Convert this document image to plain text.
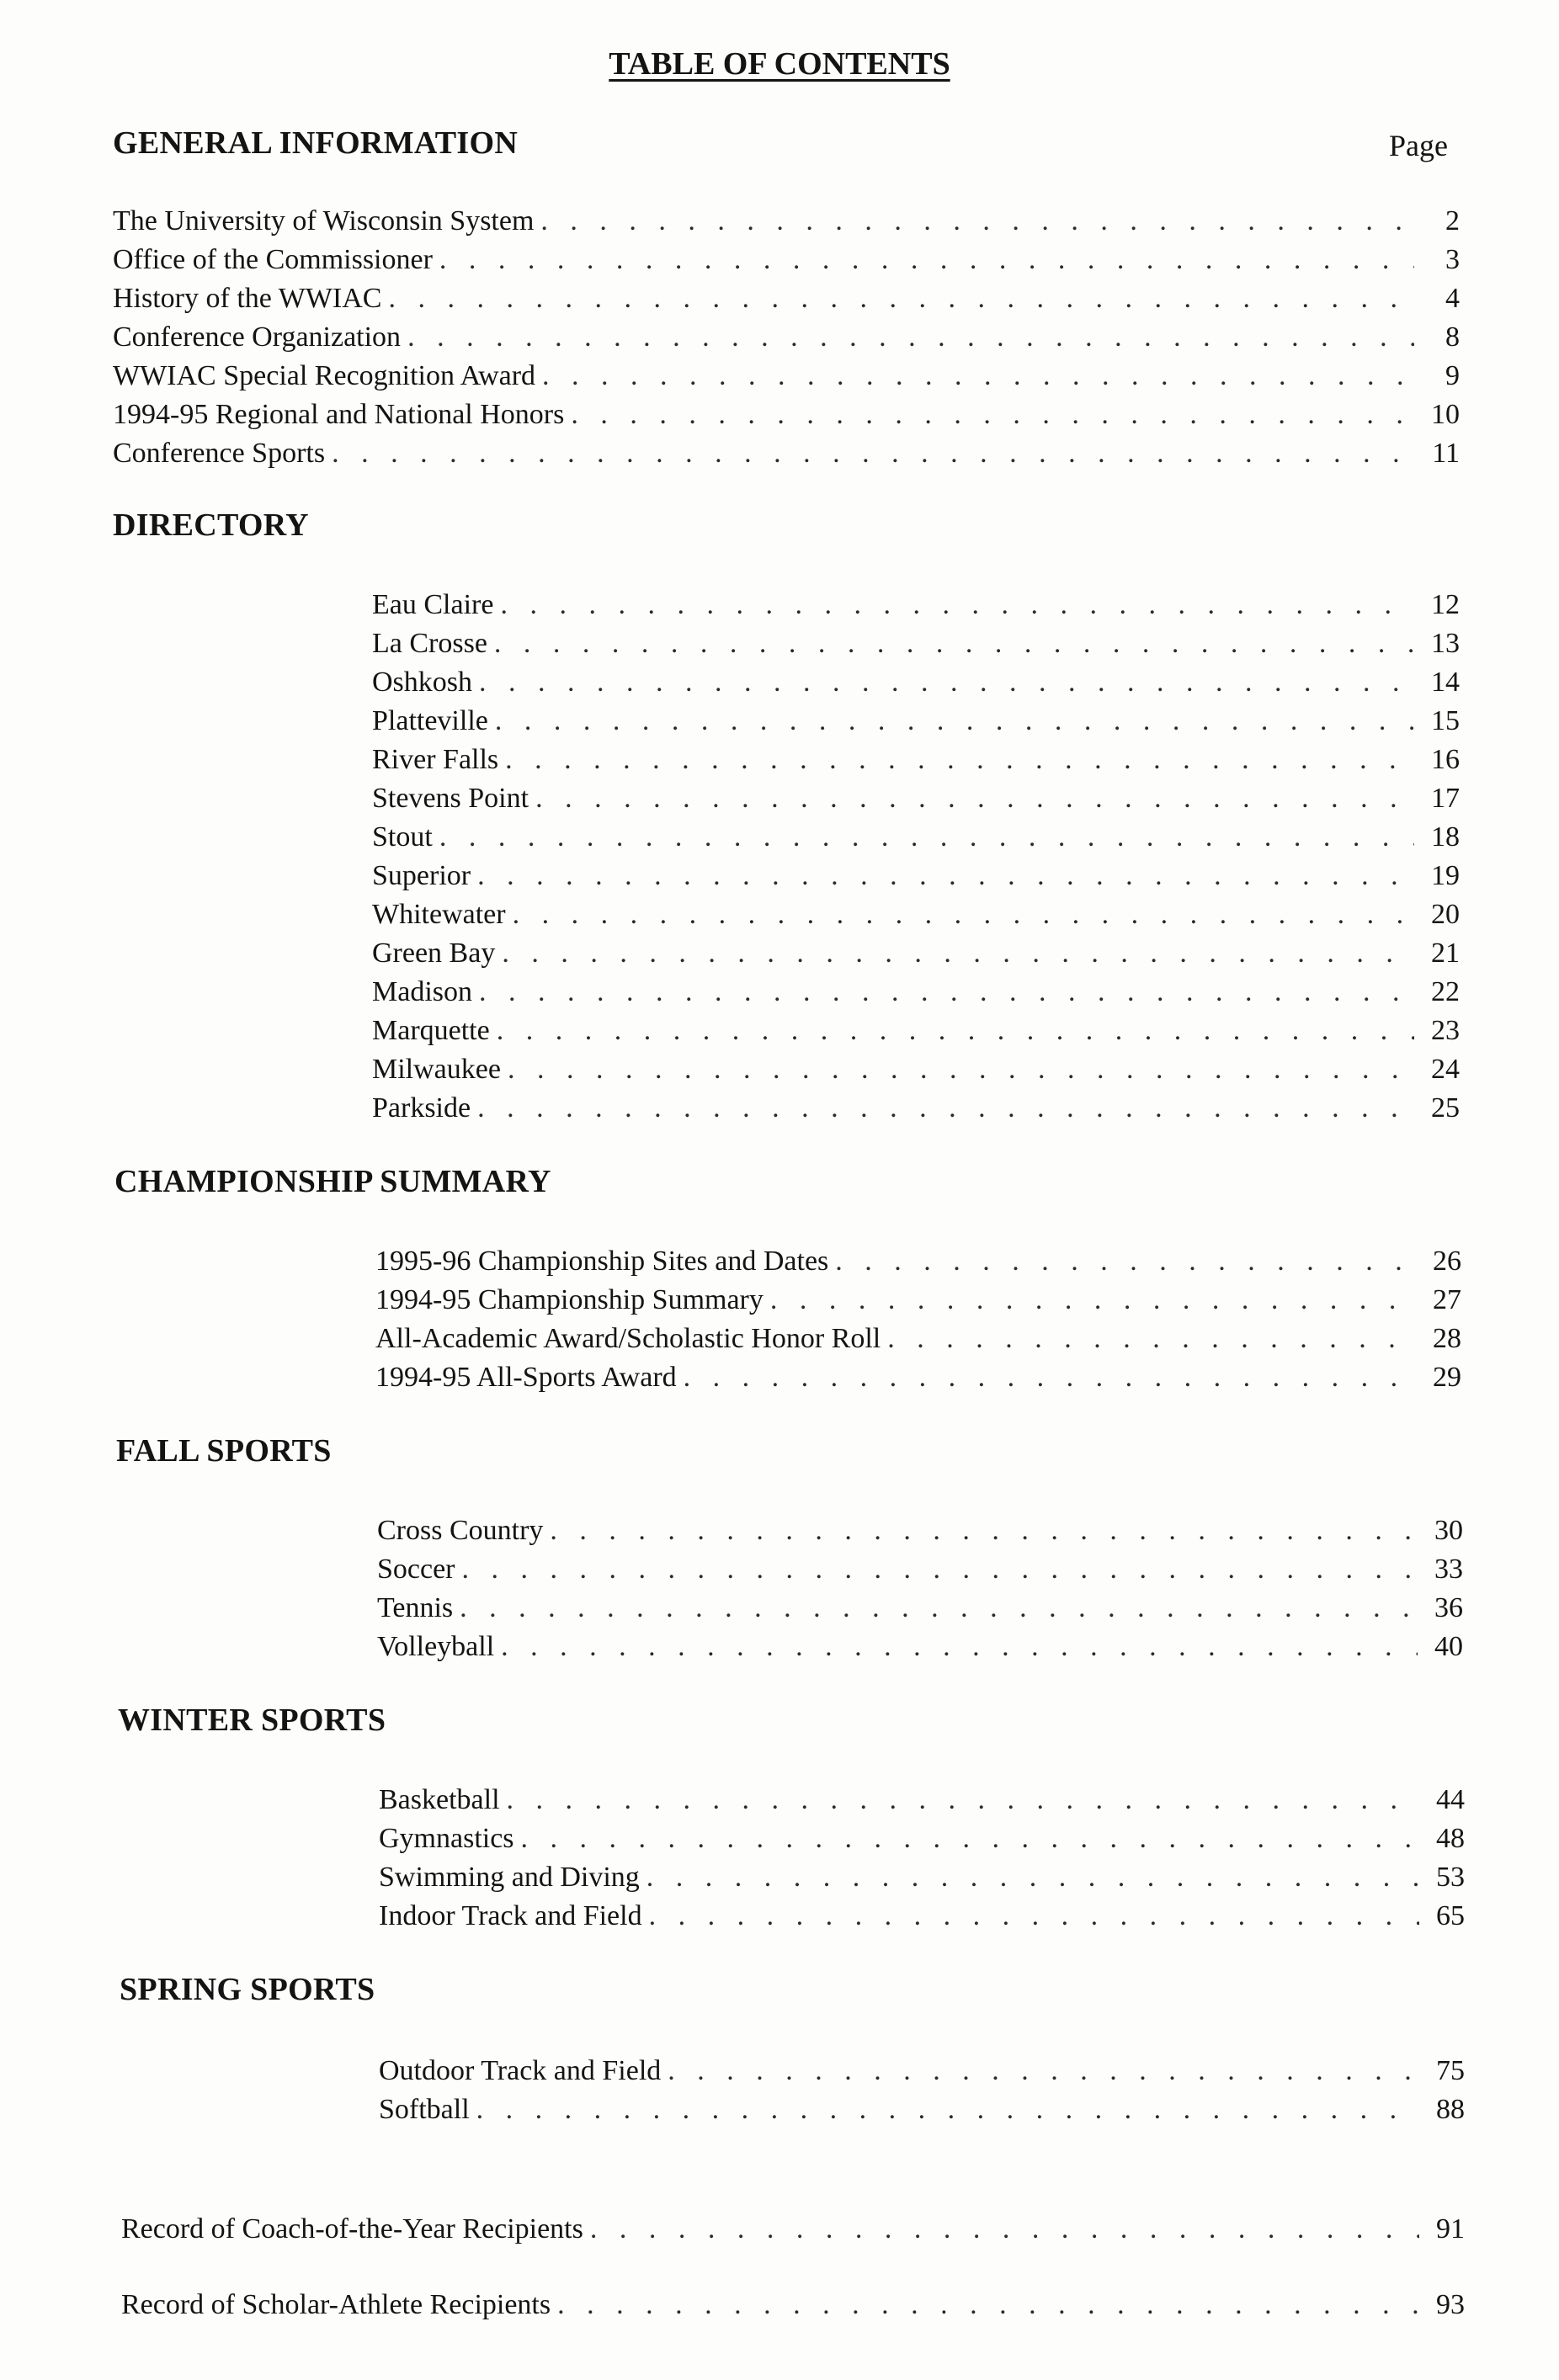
TABLE OF CONTENTS
GENERAL INFORMATION	Page
The University of Wisconsin System . . .	2
Office of the Commissioner . . .	3
History of the WWIAC . . .	4
Conference Organization . . .	8
WWIAC Special Recognition Award . . .	9
1994-95 Regional and National Honors . . .	10
Conference Sports . . .	11
DIRECTORY
Eau Claire . . .	12
La Crosse . . .	13
Oshkosh . . .	14
Platteville . . .	15
River Falls . . .	16
Stevens Point . . .	17
Stout . . .	18
Superior . . .	19
Whitewater . . .	20
Green Bay . . .	21
Madison . . .	22
Marquette . . .	23
Milwaukee . . .	24
Parkside . . .	25
CHAMPIONSHIP SUMMARY
1995-96 Championship Sites and Dates . . .	26
1994-95 Championship Summary . . .	27
All-Academic Award/Scholastic Honor Roll . . .	28
1994-95 All-Sports Award . . .	29
FALL SPORTS
Cross Country . . .	30
Soccer . . .	33
Tennis . . .	36
Volleyball . . .	40
WINTER SPORTS
Basketball . . .	44
Gymnastics . . .	48
Swimming and Diving . . .	53
Indoor Track and Field . . .	65
SPRING SPORTS
Outdoor Track and Field . . .	75
Softball . . .	88
Record of Coach-of-the-Year Recipients . . .	91
Record of Scholar-Athlete Recipients . . .	93
